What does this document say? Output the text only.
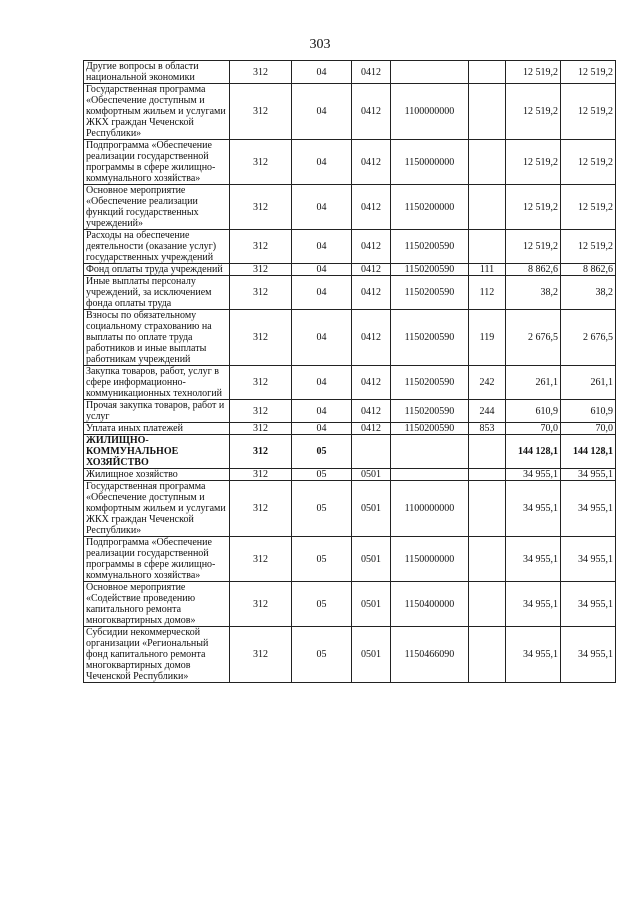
303
Другие вопросы в области национальной экономики	312	04	0412			12 519,2	12 519,2
Государственная программа «Обеспечение доступным и комфортным жильем и услугами ЖКХ граждан Чеченской Республики»	312	04	0412	1100000000		12 519,2	12 519,2
Подпрограмма «Обеспечение реализации государственной программы в сфере жилищно-коммунального хозяйства»	312	04	0412	1150000000		12 519,2	12 519,2
Основное мероприятие «Обеспечение реализации функций государственных учреждений»	312	04	0412	1150200000		12 519,2	12 519,2
Расходы на обеспечение деятельности (оказание услуг) государственных учреждений	312	04	0412	1150200590		12 519,2	12 519,2
Фонд оплаты труда учреждений	312	04	0412	1150200590	111	8 862,6	8 862,6
Иные выплаты персоналу учреждений, за исключением фонда оплаты труда	312	04	0412	1150200590	112	38,2	38,2
Взносы по обязательному социальному страхованию на выплаты по оплате труда работников и иные выплаты работникам учреждений	312	04	0412	1150200590	119	2 676,5	2 676,5
Закупка товаров, работ, услуг в сфере информационно-коммуникационных технологий	312	04	0412	1150200590	242	261,1	261,1
Прочая закупка товаров, работ и услуг	312	04	0412	1150200590	244	610,9	610,9
Уплата иных платежей	312	04	0412	1150200590	853	70,0	70,0
ЖИЛИЩНО-КОММУНАЛЬНОЕ ХОЗЯЙСТВО	312	05				144 128,1	144 128,1
Жилищное хозяйство	312	05	0501			34 955,1	34 955,1
Государственная программа «Обеспечение доступным и комфортным жильем и услугами ЖКХ граждан Чеченской Республики»	312	05	0501	1100000000		34 955,1	34 955,1
Подпрограмма «Обеспечение реализации государственной программы в сфере жилищно-коммунального хозяйства»	312	05	0501	1150000000		34 955,1	34 955,1
Основное мероприятие «Содействие проведению капитального ремонта многоквартирных домов»	312	05	0501	1150400000		34 955,1	34 955,1
Субсидии некоммерческой организации «Региональный фонд капитального ремонта многоквартирных домов Чеченской Республики»	312	05	0501	1150466090		34 955,1	34 955,1
